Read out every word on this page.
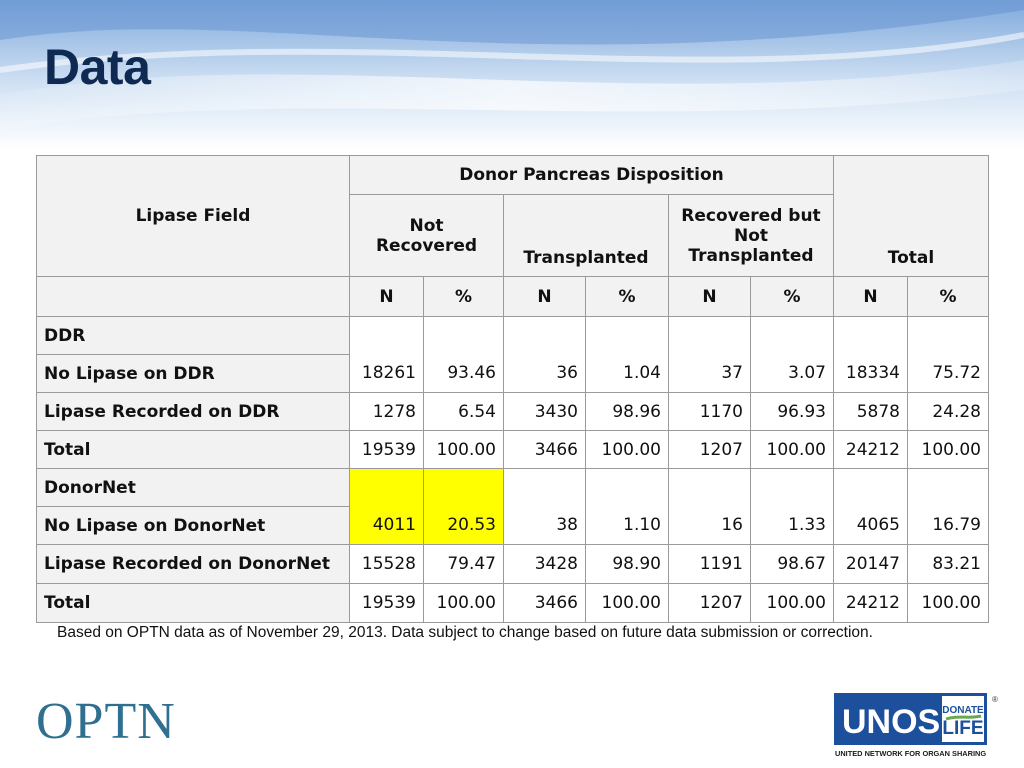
Data
Lipase Field	Donor Pancreas Disposition						Total	
	Not Recovered		Transplanted		Recovered but Not Transplanted			
	N	%	N	%	N	%	N	%
DDR								
No Lipase on DDR	18261	93.46	36	1.04	37	3.07	18334	75.72
Lipase Recorded on DDR	1278	6.54	3430	98.96	1170	96.93	5878	24.28
Total	19539	100.00	3466	100.00	1207	100.00	24212	100.00
DonorNet								
No Lipase on DonorNet	4011	20.53	38	1.10	16	1.33	4065	16.79
Lipase Recorded on DonorNet	15528	79.47	3428	98.90	1191	98.67	20147	83.21
Total	19539	100.00	3466	100.00	1207	100.00	24212	100.00

Based on OPTN data as of November 29, 2013. Data subject to change based on future data submission or correction.

OPTN	UNOS DONATE
LIFE
®
UNITED NETWORK FOR ORGAN SHARING
